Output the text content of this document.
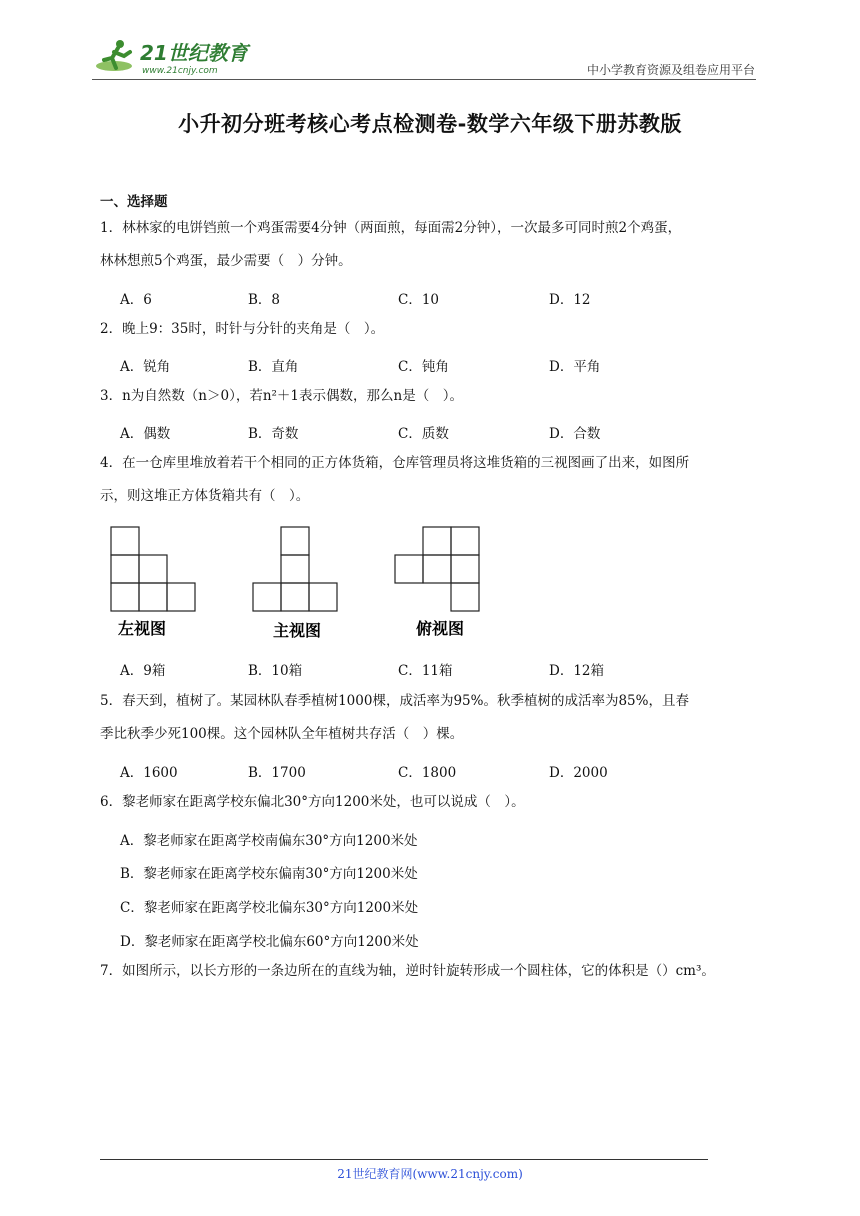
21世纪教育
www.21cnjy.com	中小学教育资源及组卷应用平台
小升初分班考核心考点检测卷-数学六年级下册苏教版
一、选择题
1．林林家的电饼铛煎一个鸡蛋需要4分钟（两面煎，每面需2分钟），一次最多可同时煎2个鸡蛋，
林林想煎5个鸡蛋，最少需要（　）分钟。
A．6	B．8	C．10	D．12
2．晚上9：35时，时针与分针的夹角是（　）。
A．锐角	B．直角	C．钝角	D．平角
3．n为自然数（n＞0），若n²＋1表示偶数，那么n是（　）。
A．偶数	B．奇数	C．质数	D．合数
4．在一仓库里堆放着若干个相同的正方体货箱，仓库管理员将这堆货箱的三视图画了出来，如图所
示，则这堆正方体货箱共有（　）。
左视图	主视图	俯视图
A．9箱	B．10箱	C．11箱	D．12箱
5．春天到，植树了。某园林队春季植树1000棵，成活率为95%。秋季植树的成活率为85%，且春
季比秋季少死100棵。这个园林队全年植树共存活（　）棵。
A．1600	B．1700	C．1800	D．2000
6．黎老师家在距离学校东偏北30°方向1200米处，也可以说成（　）。
A．黎老师家在距离学校南偏东30°方向1200米处
B．黎老师家在距离学校东偏南30°方向1200米处
C．黎老师家在距离学校北偏东30°方向1200米处
D．黎老师家在距离学校北偏东60°方向1200米处
7．如图所示，以长方形的一条边所在的直线为轴，逆时针旋转形成一个圆柱体，它的体积是（）cm³。
21世纪教育网(www.21cnjy.com)
